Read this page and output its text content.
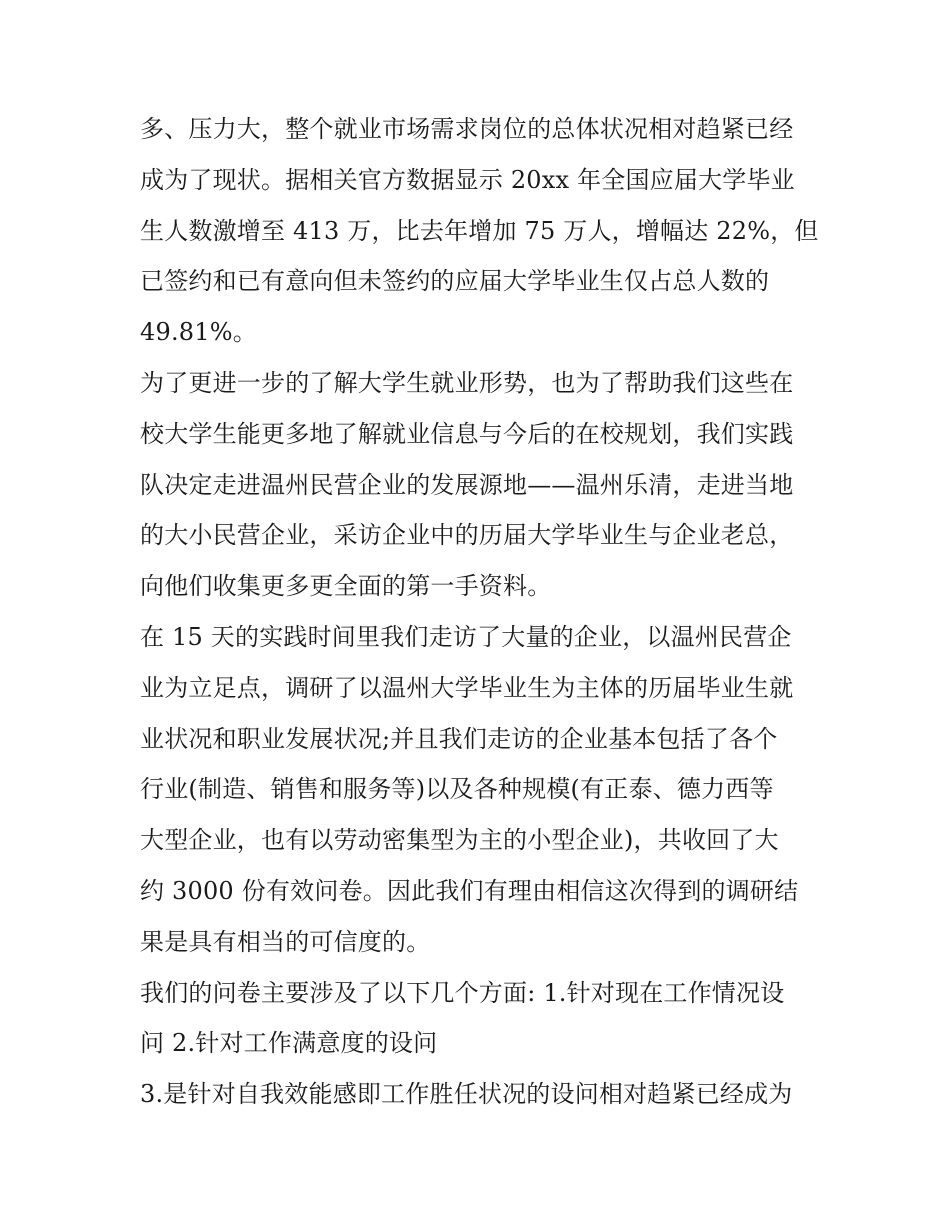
多、压力大，整个就业市场需求岗位的总体状况相对趋紧已经
成为了现状。据相关官方数据显示 20xx 年全国应届大学毕业
生人数激增至 413 万，比去年增加 75 万人，增幅达 22%，但
已签约和已有意向但未签约的应届大学毕业生仅占总人数的
49.81%。
为了更进一步的了解大学生就业形势，也为了帮助我们这些在
校大学生能更多地了解就业信息与今后的在校规划，我们实践
队决定走进温州民营企业的发展源地——温州乐清，走进当地
的大小民营企业，采访企业中的历届大学毕业生与企业老总，
向他们收集更多更全面的第一手资料。
在 15 天的实践时间里我们走访了大量的企业，以温州民营企
业为立足点，调研了以温州大学毕业生为主体的历届毕业生就
业状况和职业发展状况;并且我们走访的企业基本包括了各个
行业(制造、销售和服务等)以及各种规模(有正泰、德力西等
大型企业，也有以劳动密集型为主的小型企业)，共收回了大
约 3000 份有效问卷。因此我们有理由相信这次得到的调研结
果是具有相当的可信度的。
我们的问卷主要涉及了以下几个方面: 1.针对现在工作情况设
问 2.针对工作满意度的设问
3.是针对自我效能感即工作胜任状况的设问相对趋紧已经成为
